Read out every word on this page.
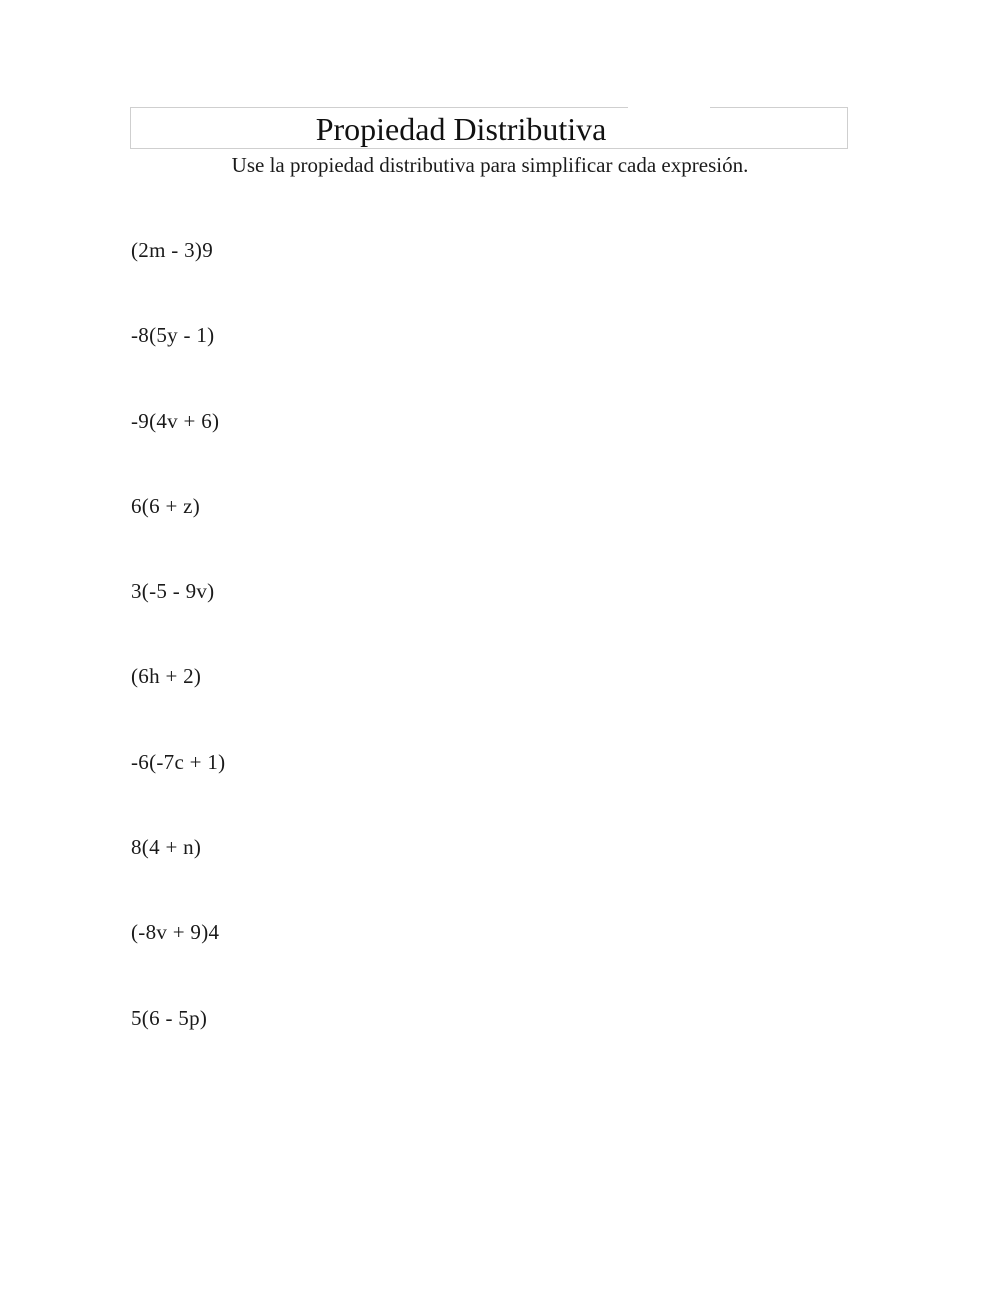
Propiedad Distributiva

Use la propiedad distributiva para simplificar cada expresión.

(2m - 3)9
-8(5y - 1)
-9(4v + 6)
6(6 + z)
3(-5 - 9v)
(6h + 2)
-6(-7c + 1)
8(4 + n)
(-8v + 9)4
5(6 - 5p)
